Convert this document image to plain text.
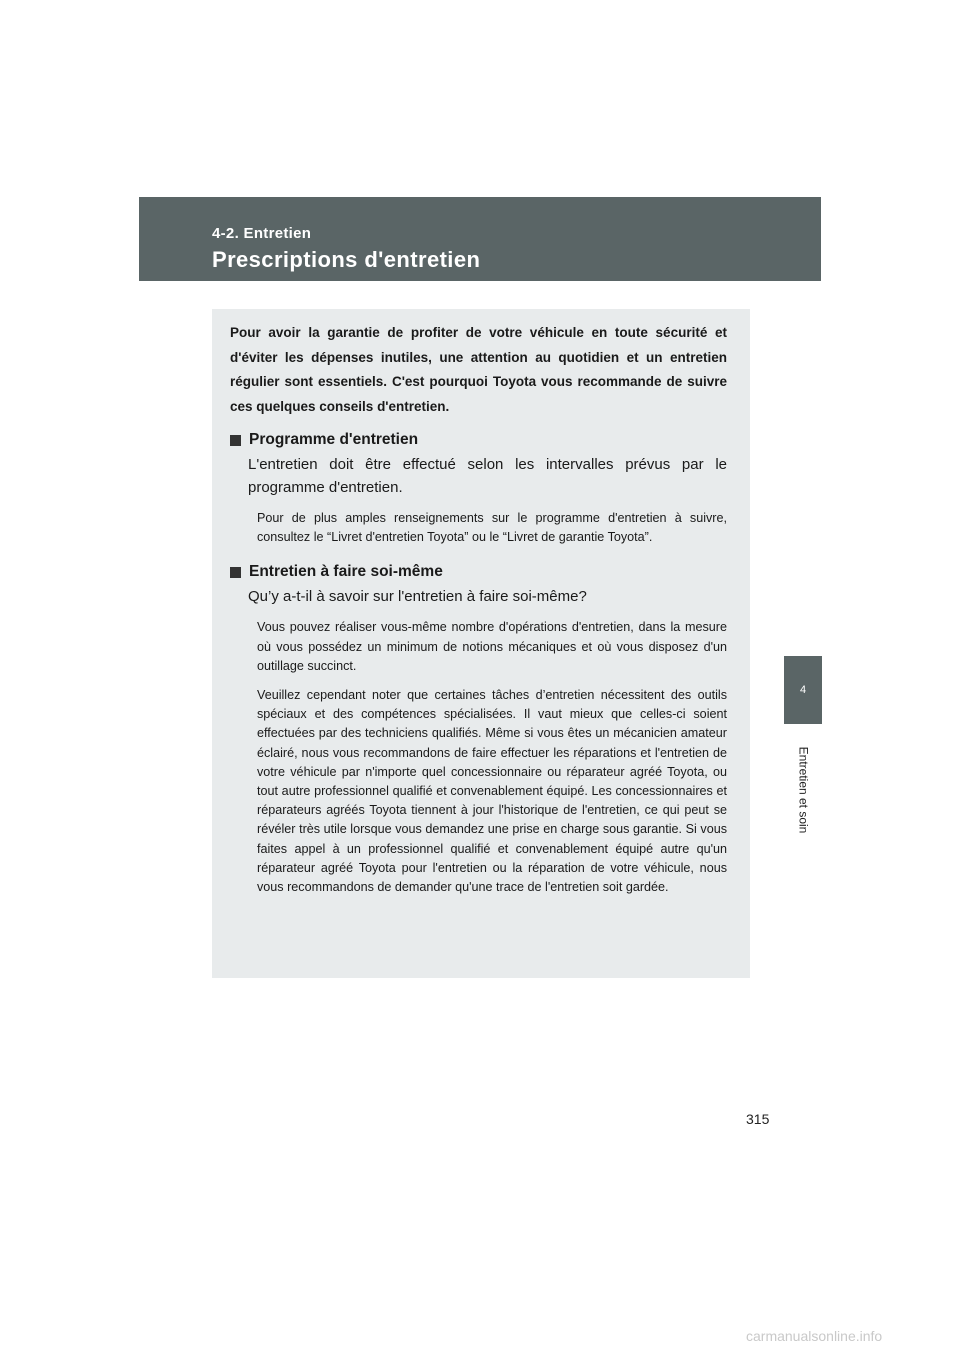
4-2. Entretien
Prescriptions d'entretien
4
Entretien et soin

Pour avoir la garantie de profiter de votre véhicule en toute sécurité et d'éviter les dépenses inutiles, une attention au quotidien et un entretien régulier sont essentiels. C'est pourquoi Toyota vous recommande de suivre ces quelques conseils d'entretien.

Programme d'entretien

L'entretien doit être effectué selon les intervalles prévus par le programme d'entretien.

Pour de plus amples renseignements sur le programme d'entretien à suivre, consultez le “Livret d'entretien Toyota” ou le “Livret de garantie Toyota”.

Entretien à faire soi-même

Qu’y a-t-il à savoir sur l'entretien à faire soi-même?

Vous pouvez réaliser vous-même nombre d'opérations d'entretien, dans la mesure où vous possédez un minimum de notions mécaniques et où vous disposez d'un outillage succinct.

Veuillez cependant noter que certaines tâches d’entretien nécessitent des outils spéciaux et des compétences spécialisées. Il vaut mieux que celles-ci soient effectuées par des techniciens qualifiés. Même si vous êtes un mécanicien amateur éclairé, nous vous recommandons de faire effectuer les réparations et l'entretien de votre véhicule par n'importe quel concessionnaire ou réparateur agréé Toyota, ou tout autre professionnel qualifié et convenablement équipé. Les concessionnaires et réparateurs agréés Toyota tiennent à jour l'historique de l'entretien, ce qui peut se révéler très utile lorsque vous demandez une prise en charge sous garantie. Si vous faites appel à un professionnel qualifié et convenablement équipé autre qu'un réparateur agréé Toyota pour l'entretien ou la réparation de votre véhicule, nous vous recommandons de demander qu'une trace de l'entretien soit gardée.

315
carmanualsonline.info
